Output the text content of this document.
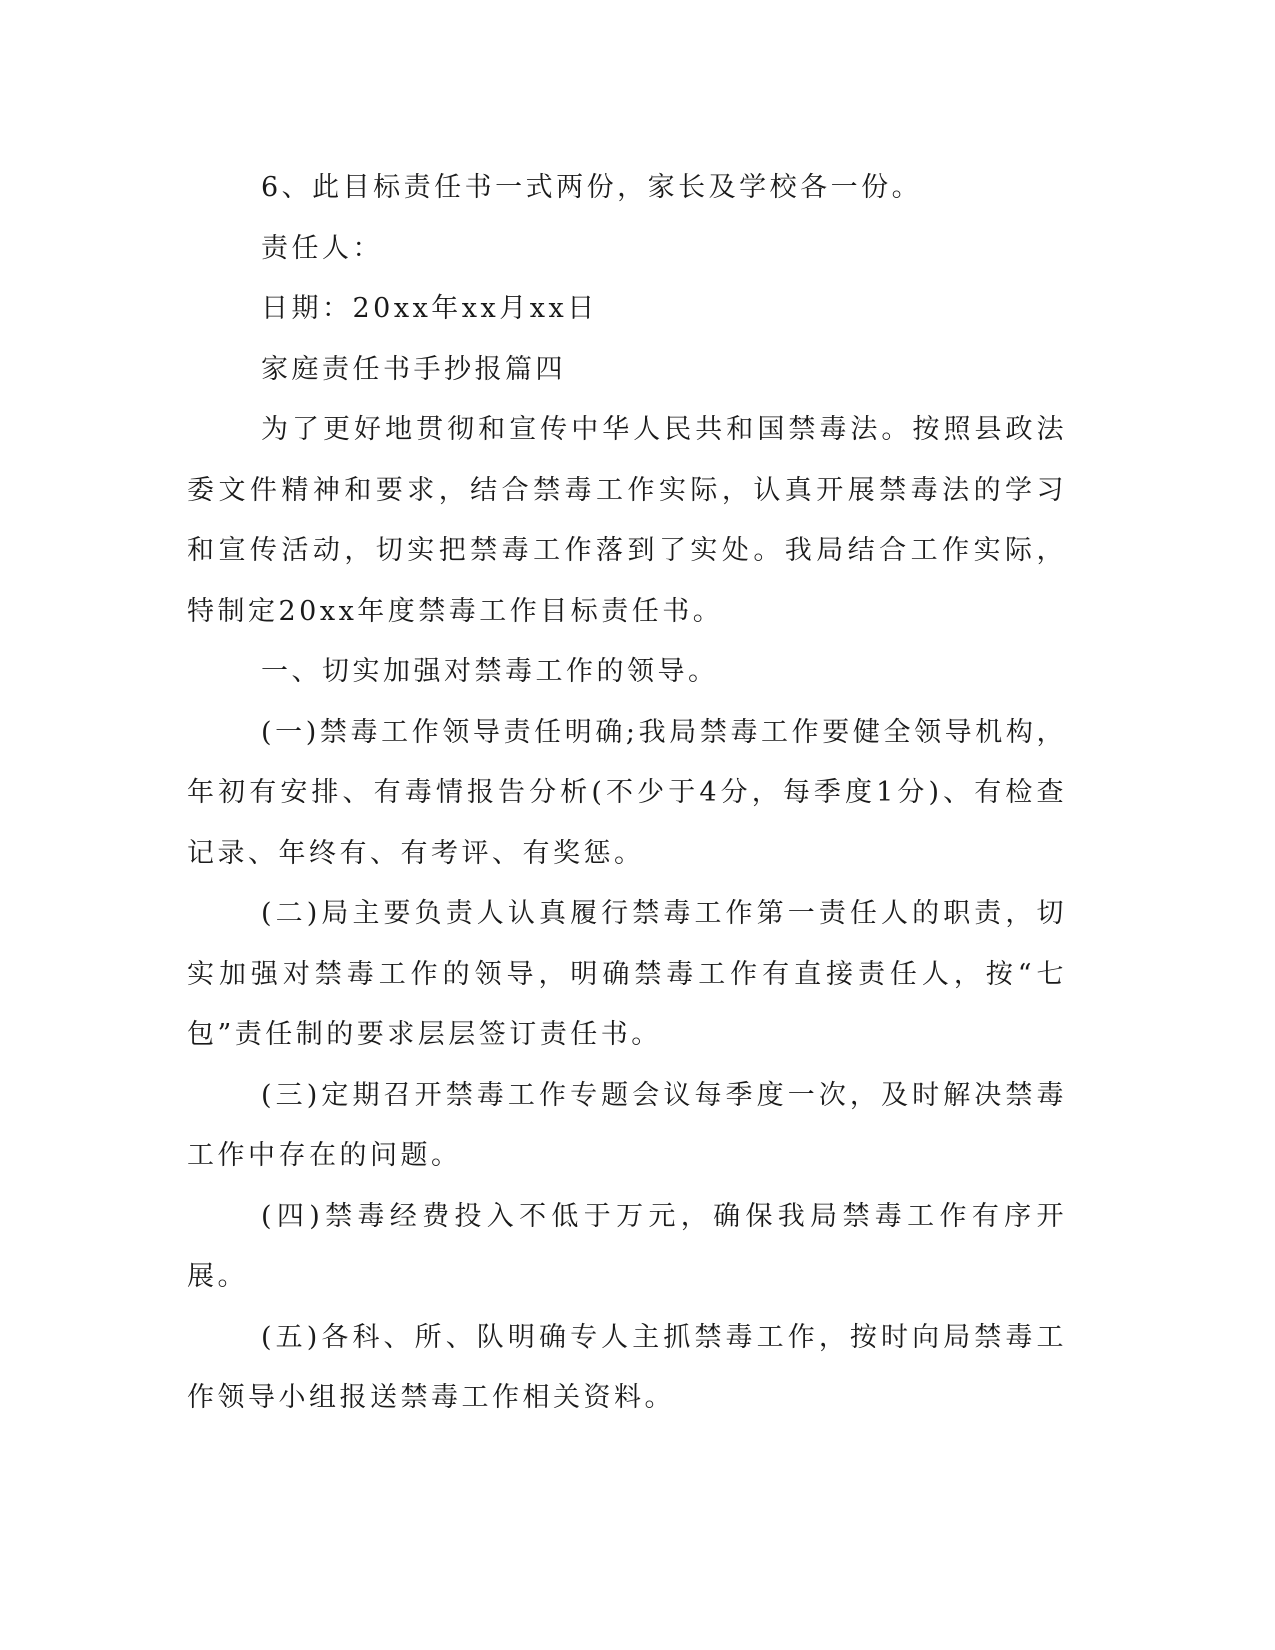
6、此目标责任书一式两份，家长及学校各一份。

责任人：

日期：20xx年xx月xx日

家庭责任书手抄报篇四

为了更好地贯彻和宣传中华人民共和国禁毒法。按照县政法委文件精神和要求，结合禁毒工作实际，认真开展禁毒法的学习和宣传活动，切实把禁毒工作落到了实处。我局结合工作实际，特制定20xx年度禁毒工作目标责任书。

一、切实加强对禁毒工作的领导。

(一)禁毒工作领导责任明确;我局禁毒工作要健全领导机构，年初有安排、有毒情报告分析(不少于4分，每季度1分)、有检查记录、年终有、有考评、有奖惩。

(二)局主要负责人认真履行禁毒工作第一责任人的职责，切实加强对禁毒工作的领导，明确禁毒工作有直接责任人，按“七包”责任制的要求层层签订责任书。

(三)定期召开禁毒工作专题会议每季度一次，及时解决禁毒工作中存在的问题。

(四)禁毒经费投入不低于万元，确保我局禁毒工作有序开展。

(五)各科、所、队明确专人主抓禁毒工作，按时向局禁毒工作领导小组报送禁毒工作相关资料。
